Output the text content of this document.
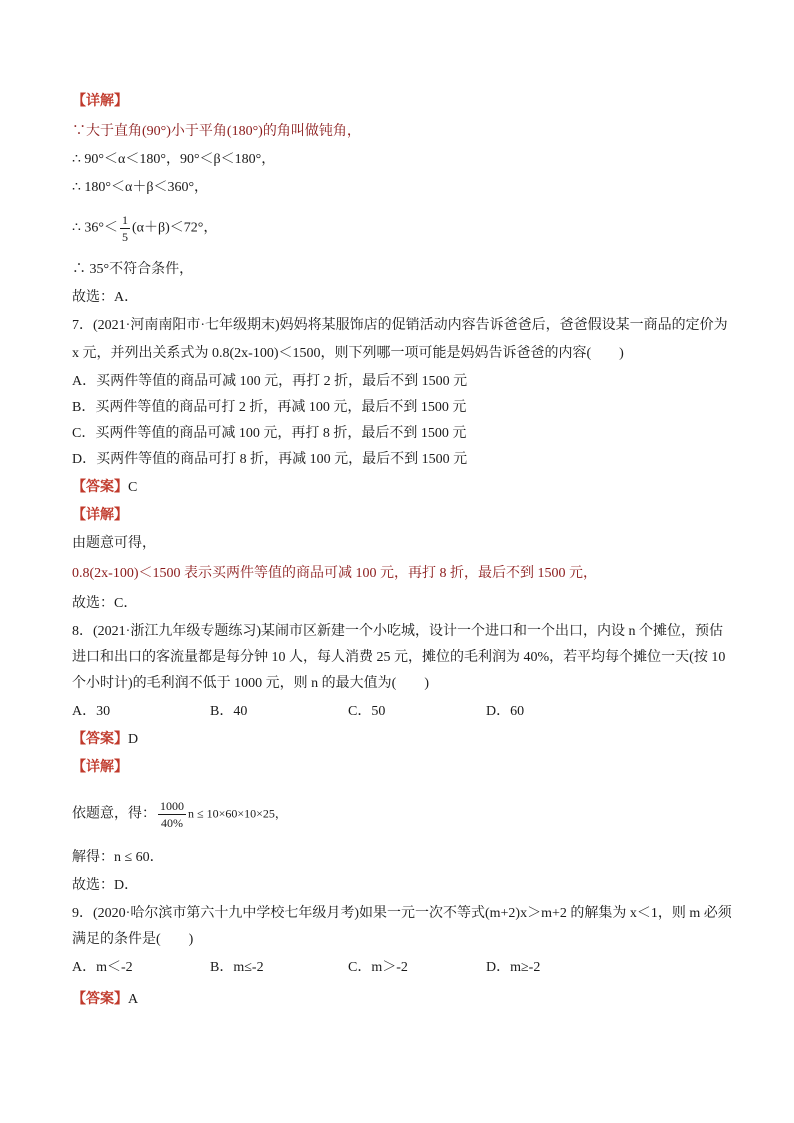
【详解】
∵大于直角(90°)小于平角(180°)的角叫做钝角，
∴ 90°＜α＜180°，90°＜β＜180°，
∴ 180°＜α＋β＜360°，
∴ $36^\circ< \frac{1}{5} (\alpha+\beta)<72^\circ$，
∴ 35°不符合条件，
故选：A．
7．(2021·河南南阳市·七年级期末)妈妈将某服饰店的促销活动内容告诉爸爸后，爸爸假设某一商品的定价为
x 元，并列出关系式为 0.8(2x-100)＜1500，则下列哪一项可能是妈妈告诉爸爸的内容(　　)
A．买两件等值的商品可减 100 元，再打 2 折，最后不到 1500 元
B．买两件等值的商品可打 2 折，再减 100 元，最后不到 1500 元
C．买两件等值的商品可减 100 元，再打 8 折，最后不到 1500 元
D．买两件等值的商品可打 8 折，再减 100 元，最后不到 1500 元
【答案】C
【详解】
由题意可得，
0.8(2x-100)＜1500 表示买两件等值的商品可减 100 元，再打 8 折，最后不到 1500 元，
故选：C．
8．(2021·浙江九年级专题练习)某闹市区新建一个小吃城，设计一个进口和一个出口，内设 n 个摊位，预估
进口和出口的客流量都是每分钟 10 人，每人消费 25 元，摊位的毛利润为 40%，若平均每个摊位一天(按 10
个小时计)的毛利润不低于 1000 元，则 n 的最大值为(　　)
A．30	B．40	C．50	D．60
【答案】D
【详解】
依题意，得： $\frac{1000}{40\%}$ n ≤ 10×60×10×25，
解得：n ≤ 60．
故选：D．
9．(2020·哈尔滨市第六十九中学校七年级月考)如果一元一次不等式(m+2)x＞m+2 的解集为 x＜1，则 m 必须
满足的条件是(　　)
A．m＜-2	B．m≤-2	C．m＞-2	D．m≥-2
【答案】A
